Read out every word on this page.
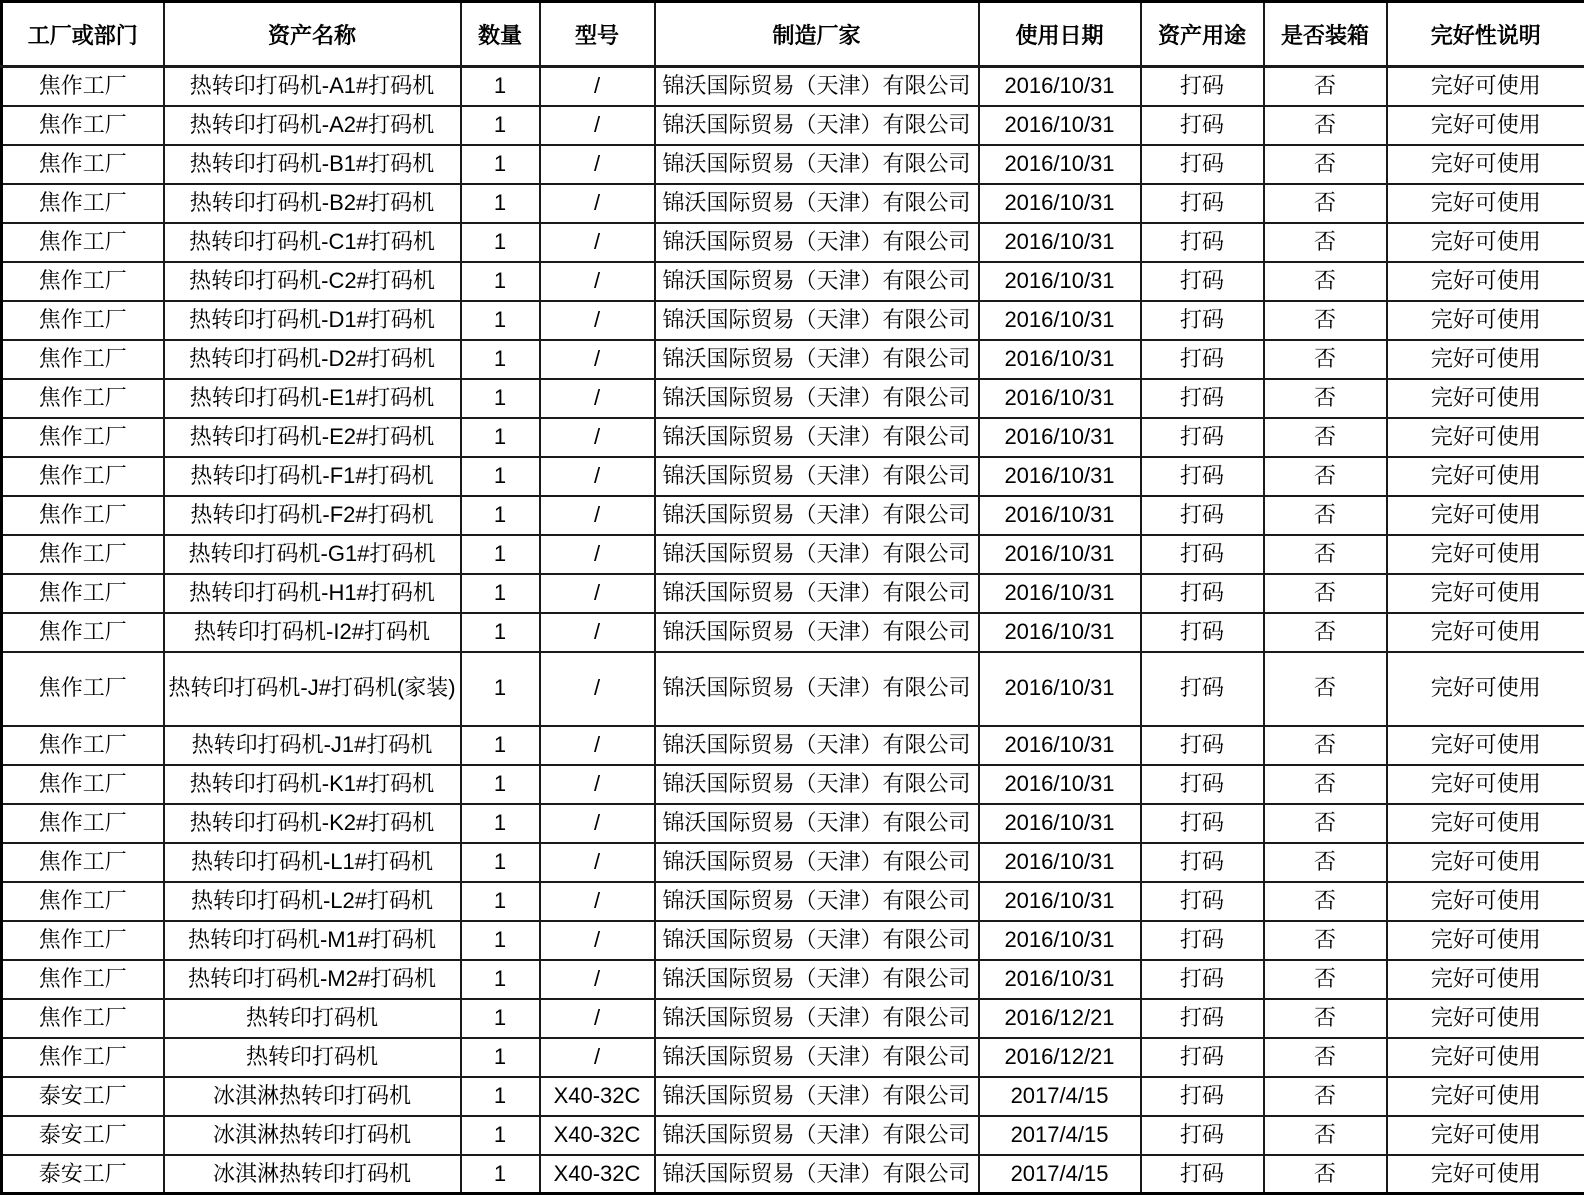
工厂或部门	资产名称	数量	型号	制造厂家	使用日期	资产用途	是否装箱	完好性说明
焦作工厂	热转印打码机-A1#打码机	1	/	锦沃国际贸易（天津）有限公司	2016/10/31	打码	否	完好可使用
焦作工厂	热转印打码机-A2#打码机	1	/	锦沃国际贸易（天津）有限公司	2016/10/31	打码	否	完好可使用
焦作工厂	热转印打码机-B1#打码机	1	/	锦沃国际贸易（天津）有限公司	2016/10/31	打码	否	完好可使用
焦作工厂	热转印打码机-B2#打码机	1	/	锦沃国际贸易（天津）有限公司	2016/10/31	打码	否	完好可使用
焦作工厂	热转印打码机-C1#打码机	1	/	锦沃国际贸易（天津）有限公司	2016/10/31	打码	否	完好可使用
焦作工厂	热转印打码机-C2#打码机	1	/	锦沃国际贸易（天津）有限公司	2016/10/31	打码	否	完好可使用
焦作工厂	热转印打码机-D1#打码机	1	/	锦沃国际贸易（天津）有限公司	2016/10/31	打码	否	完好可使用
焦作工厂	热转印打码机-D2#打码机	1	/	锦沃国际贸易（天津）有限公司	2016/10/31	打码	否	完好可使用
焦作工厂	热转印打码机-E1#打码机	1	/	锦沃国际贸易（天津）有限公司	2016/10/31	打码	否	完好可使用
焦作工厂	热转印打码机-E2#打码机	1	/	锦沃国际贸易（天津）有限公司	2016/10/31	打码	否	完好可使用
焦作工厂	热转印打码机-F1#打码机	1	/	锦沃国际贸易（天津）有限公司	2016/10/31	打码	否	完好可使用
焦作工厂	热转印打码机-F2#打码机	1	/	锦沃国际贸易（天津）有限公司	2016/10/31	打码	否	完好可使用
焦作工厂	热转印打码机-G1#打码机	1	/	锦沃国际贸易（天津）有限公司	2016/10/31	打码	否	完好可使用
焦作工厂	热转印打码机-H1#打码机	1	/	锦沃国际贸易（天津）有限公司	2016/10/31	打码	否	完好可使用
焦作工厂	热转印打码机-I2#打码机	1	/	锦沃国际贸易（天津）有限公司	2016/10/31	打码	否	完好可使用
焦作工厂	热转印打码机-J#打码机(家装)	1	/	锦沃国际贸易（天津）有限公司	2016/10/31	打码	否	完好可使用
焦作工厂	热转印打码机-J1#打码机	1	/	锦沃国际贸易（天津）有限公司	2016/10/31	打码	否	完好可使用
焦作工厂	热转印打码机-K1#打码机	1	/	锦沃国际贸易（天津）有限公司	2016/10/31	打码	否	完好可使用
焦作工厂	热转印打码机-K2#打码机	1	/	锦沃国际贸易（天津）有限公司	2016/10/31	打码	否	完好可使用
焦作工厂	热转印打码机-L1#打码机	1	/	锦沃国际贸易（天津）有限公司	2016/10/31	打码	否	完好可使用
焦作工厂	热转印打码机-L2#打码机	1	/	锦沃国际贸易（天津）有限公司	2016/10/31	打码	否	完好可使用
焦作工厂	热转印打码机-M1#打码机	1	/	锦沃国际贸易（天津）有限公司	2016/10/31	打码	否	完好可使用
焦作工厂	热转印打码机-M2#打码机	1	/	锦沃国际贸易（天津）有限公司	2016/10/31	打码	否	完好可使用
焦作工厂	热转印打码机	1	/	锦沃国际贸易（天津）有限公司	2016/12/21	打码	否	完好可使用
焦作工厂	热转印打码机	1	/	锦沃国际贸易（天津）有限公司	2016/12/21	打码	否	完好可使用
泰安工厂	冰淇淋热转印打码机	1	X40-32C	锦沃国际贸易（天津）有限公司	2017/4/15	打码	否	完好可使用
泰安工厂	冰淇淋热转印打码机	1	X40-32C	锦沃国际贸易（天津）有限公司	2017/4/15	打码	否	完好可使用
泰安工厂	冰淇淋热转印打码机	1	X40-32C	锦沃国际贸易（天津）有限公司	2017/4/15	打码	否	完好可使用
